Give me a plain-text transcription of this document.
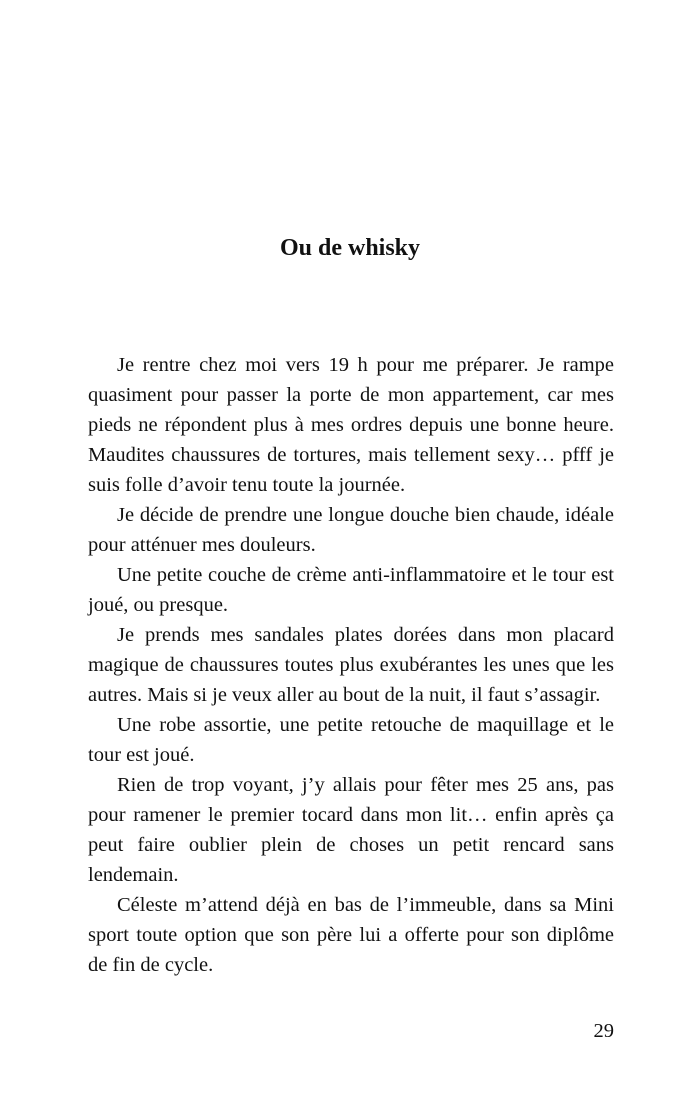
Ou de whisky

Je rentre chez moi vers 19 h pour me préparer. Je rampe quasiment pour passer la porte de mon appartement, car mes pieds ne répondent plus à mes ordres depuis une bonne heure. Maudites chaussures de tortures, mais tellement sexy… pfff je suis folle d’avoir tenu toute la journée.

Je décide de prendre une longue douche bien chaude, idéale pour atténuer mes douleurs.

Une petite couche de crème anti-inflammatoire et le tour est joué, ou presque.

Je prends mes sandales plates dorées dans mon placard magique de chaussures toutes plus exubérantes les unes que les autres. Mais si je veux aller au bout de la nuit, il faut s’assagir.

Une robe assortie, une petite retouche de maquillage et le tour est joué.

Rien de trop voyant, j’y allais pour fêter mes 25 ans, pas pour ramener le premier tocard dans mon lit… enfin après ça peut faire oublier plein de choses un petit rencard sans lendemain.

Céleste m’attend déjà en bas de l’immeuble, dans sa Mini sport toute option que son père lui a offerte pour son diplôme de fin de cycle.

29
